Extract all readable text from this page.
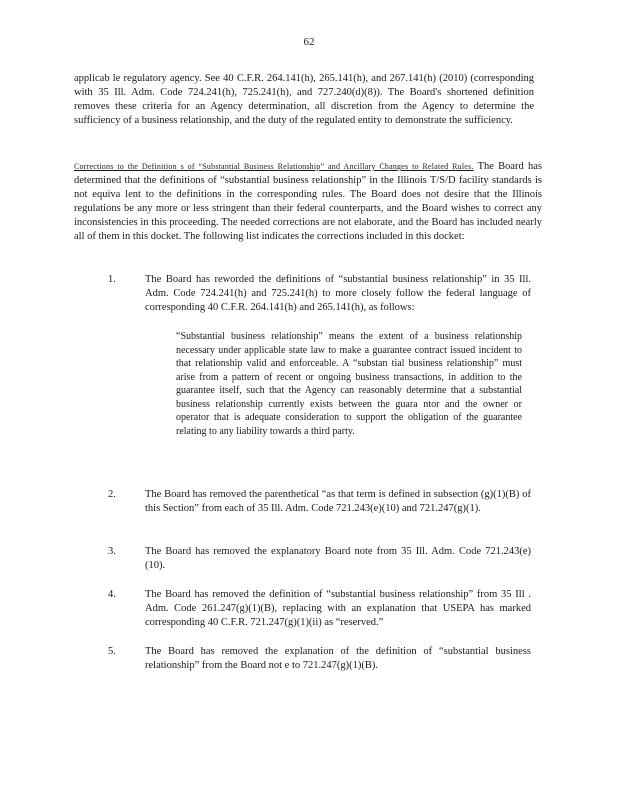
62
applicab le regulatory agency. See 40 C.F.R. 264.141(h), 265.141(h), and 267.141(h) (2010) (corresponding with 35 Ill. Adm. Code 724.241(h), 725.241(h), and 727.240(d)(8)). The Board's shortened definition removes these criteria for an Agency determination, all discretion from the Agency to determine the sufficiency of a business relationship, and the duty of the regulated entity to demonstrate the sufficiency.
Corrections to the Definition s of “Substantial Business Relationship” and Ancillary Changes to Related Rules. The Board has determined that the definitions of “substantial business relationship” in the Illinois T/S/D facility standards is not equiva lent to the definitions in the corresponding rules. The Board does not desire that the Illinois regulations be any more or less stringent than their federal counterparts, and the Board wishes to correct any inconsistencies in this proceeding. The needed corrections are not elaborate, and the Board has included nearly all of them in this docket. The following list indicates the corrections included in this docket:
1.	The Board has reworded the definitions of “substantial business relationship” in 35 Ill. Adm. Code 724.241(h) and 725.241(h) to more closely follow the federal language of corresponding 40 C.F.R. 264.141(h) and 265.141(h), as follows:
“Substantial business relationship” means the extent of a business relationship necessary under applicable state law to make a guarantee contract issued incident to that relationship valid and enforceable. A “substan tial business relationship” must arise from a pattern of recent or ongoing business transactions, in addition to the guarantee itself, such that the Agency can reasonably determine that a substantial business relationship currently exists between the guara ntor and the owner or operator that is adequate consideration to support the obligation of the guarantee relating to any liability towards a third party.
2.	The Board has removed the parenthetical “as that term is defined in subsection (g)(1)(B) of this Section” from each of 35 Ill. Adm. Code 721.243(e)(10) and 721.247(g)(1).
3.	The Board has removed the explanatory Board note from 35 Ill. Adm. Code 721.243(e)(10).
4.	The Board has removed the definition of “substantial business relationship” from 35 Ill . Adm. Code 261.247(g)(1)(B), replacing with an explanation that USEPA has marked corresponding 40 C.F.R. 721.247(g)(1)(ii) as “reserved.”
5.	The Board has removed the explanation of the definition of “substantial business relationship” from the Board not e to 721.247(g)(1)(B).
